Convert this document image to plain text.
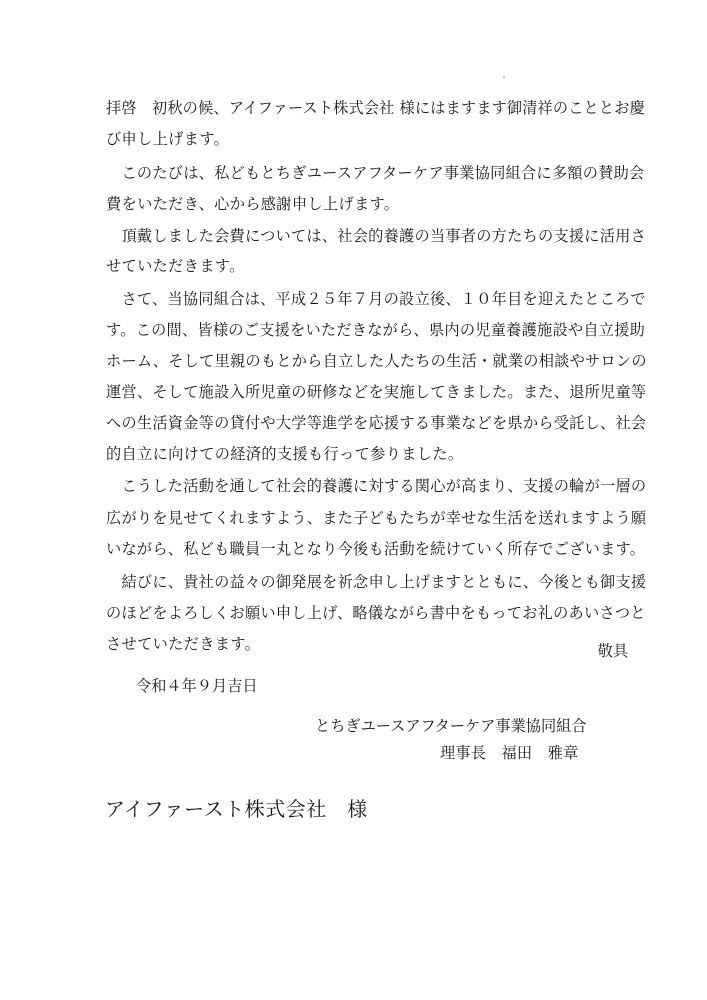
拝啓　初秋の候、アイファースト株式会社 様にはますます御清祥のこととお慶
び申し上げます。
　このたびは、私どもとちぎユースアフターケア事業協同組合に多額の賛助会
費をいただき、心から感謝申し上げます。
　頂戴しました会費については、社会的養護の当事者の方たちの支援に活用さ
せていただきます。
　さて、当協同組合は、平成２５年７月の設立後、１０年目を迎えたところで
す。この間、皆様のご支援をいただきながら、県内の児童養護施設や自立援助
ホーム、そして里親のもとから自立した人たちの生活・就業の相談やサロンの
運営、そして施設入所児童の研修などを実施してきました。また、退所児童等
への生活資金等の貸付や大学等進学を応援する事業などを県から受託し、社会
的自立に向けての経済的支援も行って参りました。
　こうした活動を通して社会的養護に対する関心が高まり、支援の輪が一層の
広がりを見せてくれますよう、また子どもたちが幸せな生活を送れますよう願
いながら、私ども職員一丸となり今後も活動を続けていく所存でございます。
　結びに、貴社の益々の御発展を祈念申し上げますとともに、今後とも御支援
のほどをよろしくお願い申し上げ、略儀ながら書中をもってお礼のあいさつと
させていただきます。	敬具
令和４年９月吉日
とちぎユースアフターケア事業協同組合
理事長　福田　雅章
アイファースト株式会社　様
